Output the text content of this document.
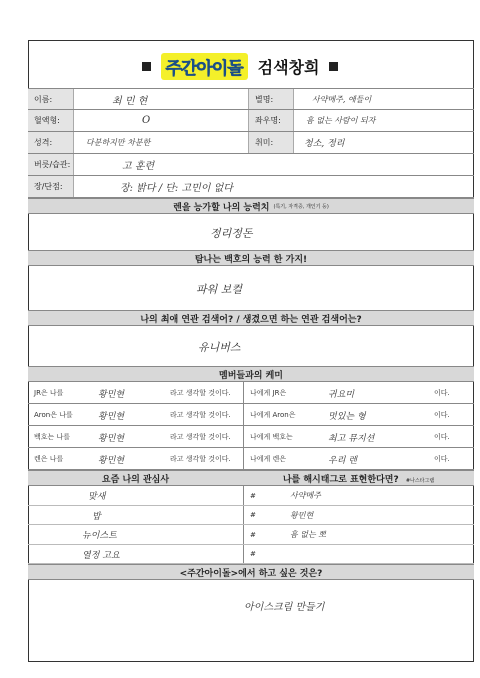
주간아이돌 검색창희
이름:	최 민 현	별명:	사약메주, 애들이
혈액형:	O	좌우명:	흠 없는 사람이 되자
성격:	다분하지만 차분한	취미:	청소, 정리
버릇/습관:	고 훈련
장/단점:	장: 밝다 / 단: 고민이 없다
렌을 능가할 나의 능력치 (특기, 자격증, 개인기 등)
정리정돈
탐나는 백호의 능력 한 가지!
파워 보컬
나의 최애 연관 검색어? / 생겼으면 하는 연관 검색어는?
유니버스
멤버들과의 케미
JR은 나를	황민현	라고 생각할 것이다.	나에게 JR은	귀요미	이다.
Aron은 나를	황민현	라고 생각할 것이다.	나에게 Aron은	멋있는 형	이다.
백호는 나를	황민현	라고 생각할 것이다.	나에게 백호는	최고 뮤지션	이다.
렌은 나를	황민현	라고 생각할 것이다.	나에게 렌은	우리 렌	이다.
요즘 나의 관심사	나를 해시태그로 표현한다면? #나스타그램
맞새	#	사약메주
밥	#	황민현
뉴이스트	#	흠 없는 뽀
열정 고요	#
<주간아이돌>에서 하고 싶은 것은?
아이스크림 만들기
